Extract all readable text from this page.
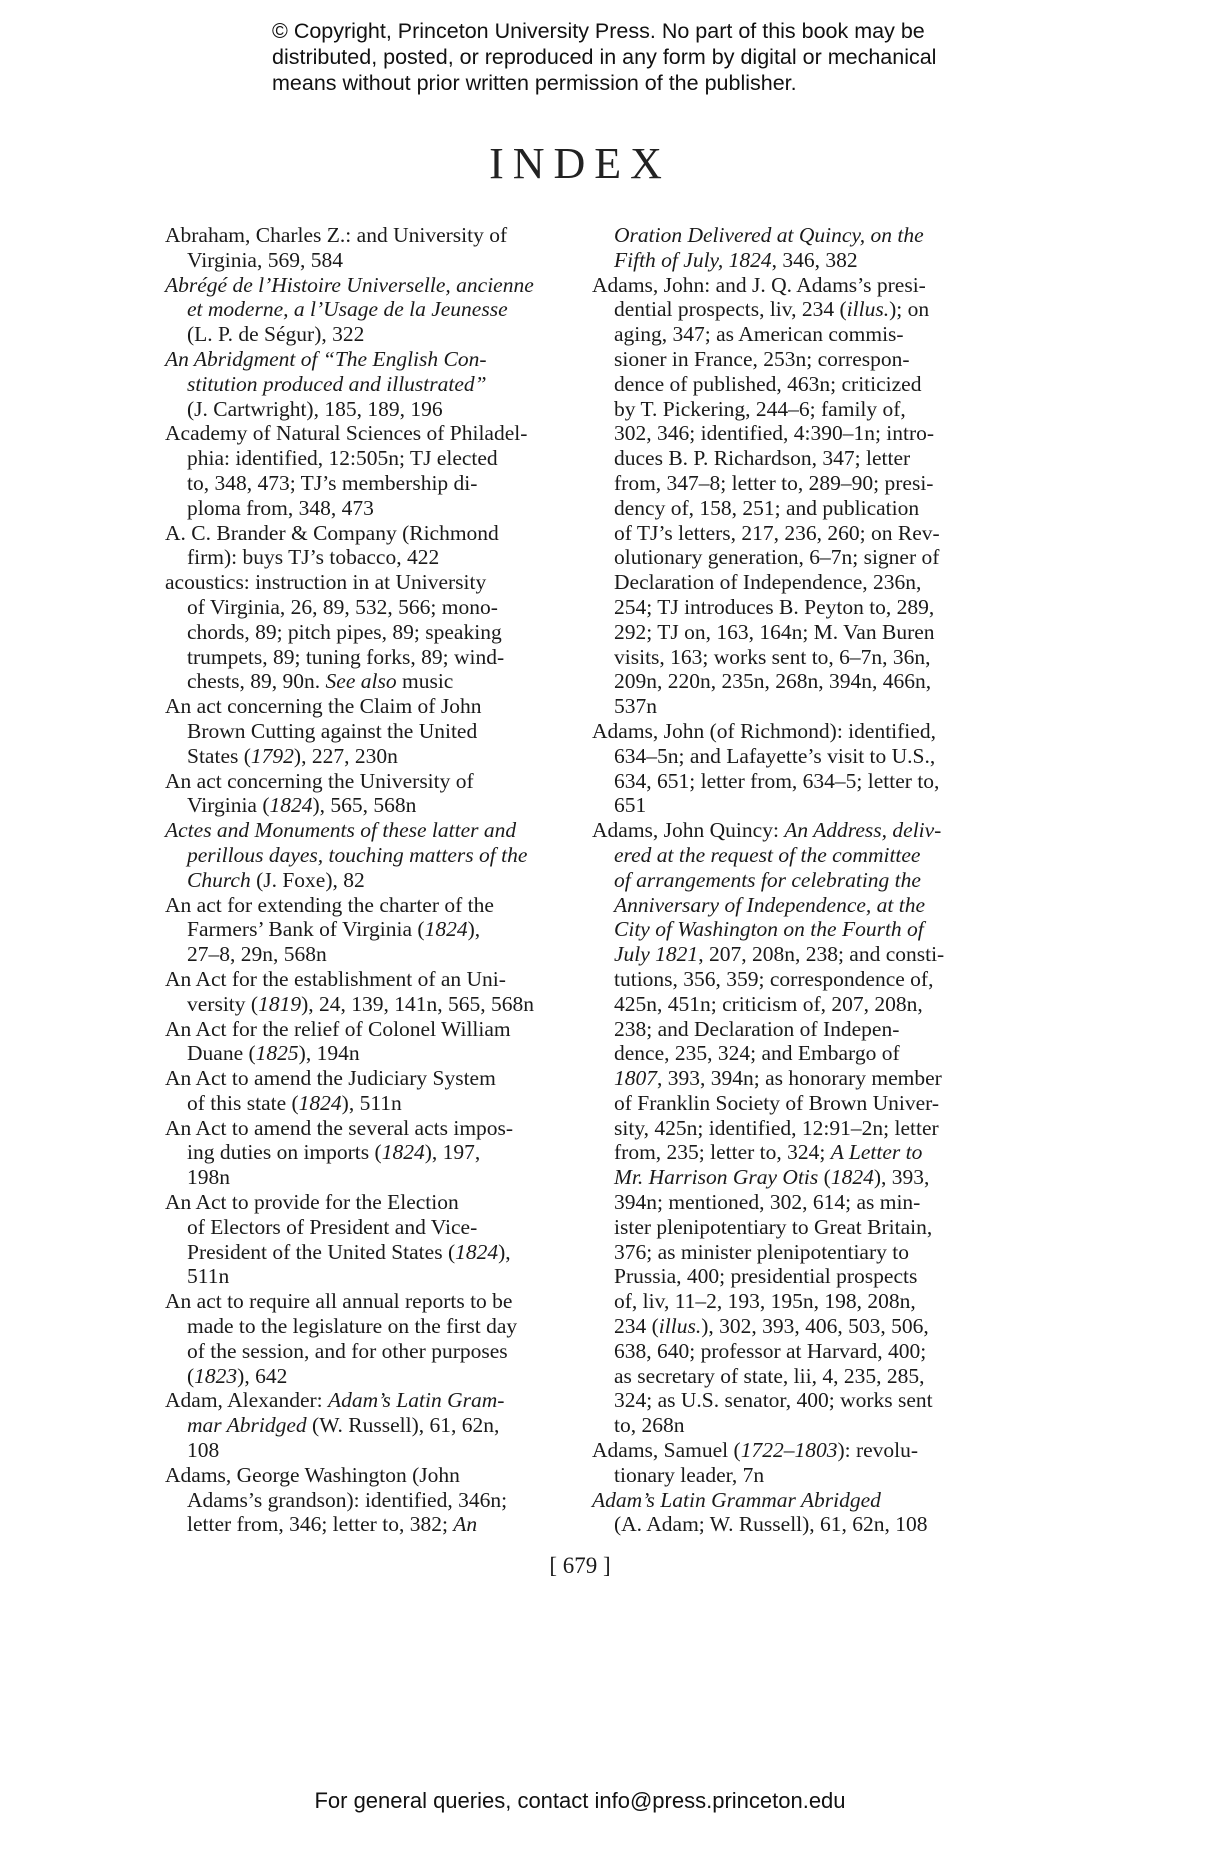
© Copyright, Princeton University Press. No part of this book may be
distributed, posted, or reproduced in any form by digital or mechanical
means without prior written permission of the publisher.
INDEX
Abraham, Charles Z.: and University of
Virginia, 569, 584
Abrégé de l’Histoire Universelle, ancienne
et moderne, a l’Usage de la Jeunesse
(L. P. de Ségur), 322
An Abridgment of “The English Con-
stitution produced and illustrated”
(J. Cartwright), 185, 189, 196
Academy of Natural Sciences of Philadel-
phia: identified, 12:505n; TJ elected
to, 348, 473; TJ’s membership di-
ploma from, 348, 473
A. C. Brander & Company (Richmond
firm): buys TJ’s tobacco, 422
acoustics: instruction in at University
of Virginia, 26, 89, 532, 566; mono-
chords, 89; pitch pipes, 89; speaking
trumpets, 89; tuning forks, 89; wind-
chests, 89, 90n. See also music
An act concerning the Claim of John
Brown Cutting against the United
States (1792), 227, 230n
An act concerning the University of
Virginia (1824), 565, 568n
Actes and Monuments of these latter and
perillous dayes, touching matters of the
Church (J. Foxe), 82
An act for extending the charter of the
Farmers’ Bank of Virginia (1824),
27–8, 29n, 568n
An Act for the establishment of an Uni-
versity (1819), 24, 139, 141n, 565, 568n
An Act for the relief of Colonel William
Duane (1825), 194n
An Act to amend the Judiciary System
of this state (1824), 511n
An Act to amend the several acts impos-
ing duties on imports (1824), 197,
198n
An Act to provide for the Election
of Electors of President and Vice-
President of the United States (1824),
511n
An act to require all annual reports to be
made to the legislature on the first day
of the session, and for other purposes
(1823), 642
Adam, Alexander: Adam’s Latin Gram-
mar Abridged (W. Russell), 61, 62n,
108
Adams, George Washington (John
Adams’s grandson): identified, 346n;
letter from, 346; letter to, 382; An
Oration Delivered at Quincy, on the
Fifth of July, 1824, 346, 382
Adams, John: and J. Q. Adams’s presi-
dential prospects, liv, 234 (illus.); on
aging, 347; as American commis-
sioner in France, 253n; correspon-
dence of published, 463n; criticized
by T. Pickering, 244–6; family of,
302, 346; identified, 4:390–1n; intro-
duces B. P. Richardson, 347; letter
from, 347–8; letter to, 289–90; presi-
dency of, 158, 251; and publication
of TJ’s letters, 217, 236, 260; on Rev-
olutionary generation, 6–7n; signer of
Declaration of Independence, 236n,
254; TJ introduces B. Peyton to, 289,
292; TJ on, 163, 164n; M. Van Buren
visits, 163; works sent to, 6–7n, 36n,
209n, 220n, 235n, 268n, 394n, 466n,
537n
Adams, John (of Richmond): identified,
634–5n; and Lafayette’s visit to U.S.,
634, 651; letter from, 634–5; letter to,
651
Adams, John Quincy: An Address, deliv-
ered at the request of the committee
of arrangements for celebrating the
Anniversary of Independence, at the
City of Washington on the Fourth of
July 1821, 207, 208n, 238; and consti-
tutions, 356, 359; correspondence of,
425n, 451n; criticism of, 207, 208n,
238; and Declaration of Indepen-
dence, 235, 324; and Embargo of
1807, 393, 394n; as honorary member
of Franklin Society of Brown Univer-
sity, 425n; identified, 12:91–2n; letter
from, 235; letter to, 324; A Letter to
Mr. Harrison Gray Otis (1824), 393,
394n; mentioned, 302, 614; as min-
ister plenipotentiary to Great Britain,
376; as minister plenipotentiary to
Prussia, 400; presidential prospects
of, liv, 11–2, 193, 195n, 198, 208n,
234 (illus.), 302, 393, 406, 503, 506,
638, 640; professor at Harvard, 400;
as secretary of state, lii, 4, 235, 285,
324; as U.S. senator, 400; works sent
to, 268n
Adams, Samuel (1722–1803): revolu-
tionary leader, 7n
Adam’s Latin Grammar Abridged
(A. Adam; W. Russell), 61, 62n, 108
[ 679 ]
For general queries, contact info@press.princeton.edu
